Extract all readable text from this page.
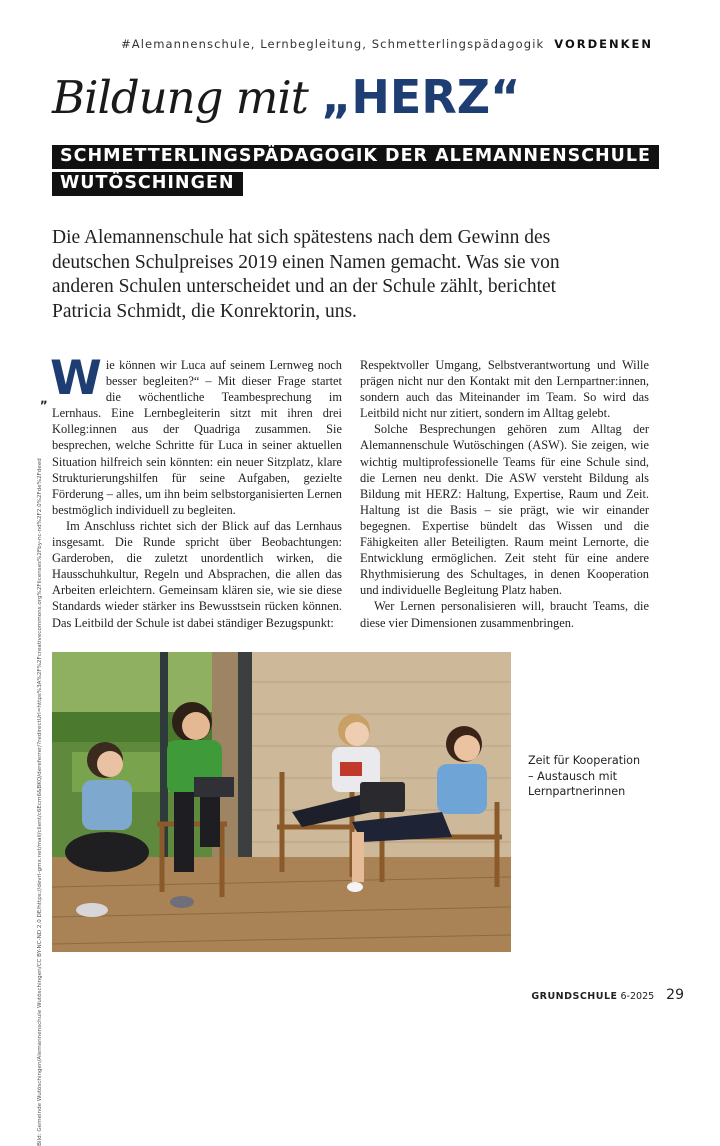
#Alemannenschule, Lernbegleitung, Schmetterlingspädagogik VORDENKEN
Bildung mit „HERZ“
SCHMETTERLINGSPÄDAGOGIK DER ALEMANNENSCHULE
WUTÖSCHINGEN
Die Alemannenschule hat sich spätestens nach dem Gewinn des deutschen Schulpreises 2019 einen Namen gemacht. Was sie von anderen Schulen unterscheidet und an der Schule zählt, berichtet Patricia Schmidt, die Konrektorin, uns.

„ W ie können wir Luca auf seinem Lernweg noch besser begleiten?“ – Mit dieser Frage startet die wöchentliche Teambesprechung im Lernhaus. Eine Lernbegleiterin sitzt mit ihren drei Kolleg:innen aus der Quadriga zusammen. Sie besprechen, welche Schritte für Luca in seiner aktuellen Situation hilfreich sein könnten: ein neuer Sitzplatz, klare Strukturierungshilfen für seine Aufgaben, gezielte Förderung – alles, um ihn beim selbstorganisierten Lernen bestmöglich individuell zu begleiten.

Im Anschluss richtet sich der Blick auf das Lernhaus insgesamt. Die Runde spricht über Beobachtungen: Garderoben, die zuletzt unordentlich wirken, die Hausschuhkultur, Regeln und Absprachen, die allen das Arbeiten erleichtern. Gemeinsam klären sie, wie sie diese Standards wieder stärker ins Bewusstsein rücken können. Das Leitbild der Schule ist dabei ständiger Bezugspunkt:

Respektvoller Umgang, Selbstverantwortung und Wille prägen nicht nur den Kontakt mit den Lernpartner:innen, sondern auch das Miteinander im Team. So wird das Leitbild nicht nur zitiert, sondern im Alltag gelebt.

Solche Besprechungen gehören zum Alltag der Alemannenschule Wutöschingen (ASW). Sie zeigen, wie wichtig multiprofessionelle Teams für eine Schule sind, die Lernen neu denkt. Die ASW versteht Bildung als Bildung mit HERZ: Haltung, Expertise, Raum und Zeit. Haltung ist die Basis – sie prägt, wie wir einander begegnen. Expertise bündelt das Wissen und die Fähigkeiten aller Beteiligten. Raum meint Lernorte, die Entwicklung ermöglichen. Zeit steht für eine andere Rhythmisierung des Schultages, in denen Kooperation und individuelle Begleitung Platz haben.

Wer Lernen personalisieren will, braucht Teams, die diese vier Dimensionen zusammenbringen.

Bild: Gemeinde Wutöschingen/Alemannenschule Wutöschingen/CC BY-NC-ND 2.0 DE/https://devrl-gmx.net/mail/client/c6Ecm6&BKQ/dereferrer/?redirectUrl=https%3A%2F%2Fcreativecommons.org%2Flicenses%2Fby-nc-nd%2F2.0%2Fde%2Fdeed	Zeit für Kooperation – Austausch mit Lernpartnerinnen
GRUNDSCHULE 6-2025 29
